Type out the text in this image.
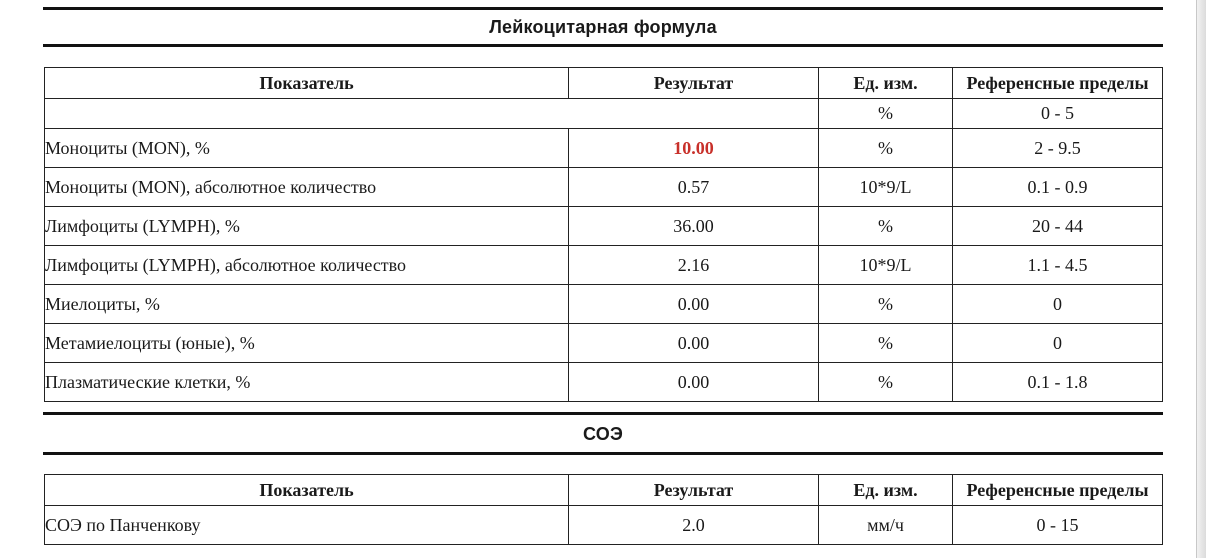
Лейкоцитарная формула
Показатель	Результат	Ед. изм.	Референсные пределы
		%	0 - 5
Моноциты (MON), %	10.00	%	2 - 9.5
Моноциты (MON), абсолютное количество	0.57	10*9/L	0.1 - 0.9
Лимфоциты (LYMPH), %	36.00	%	20 - 44
Лимфоциты (LYMPH), абсолютное количество	2.16	10*9/L	1.1 - 4.5
Миелоциты, %	0.00	%	0
Метамиелоциты (юные), %	0.00	%	0
Плазматические клетки, %	0.00	%	0.1 - 1.8
СОЭ
Показатель	Результат	Ед. изм.	Референсные пределы
СОЭ по Панченкову	2.0	мм/ч	0 - 15
